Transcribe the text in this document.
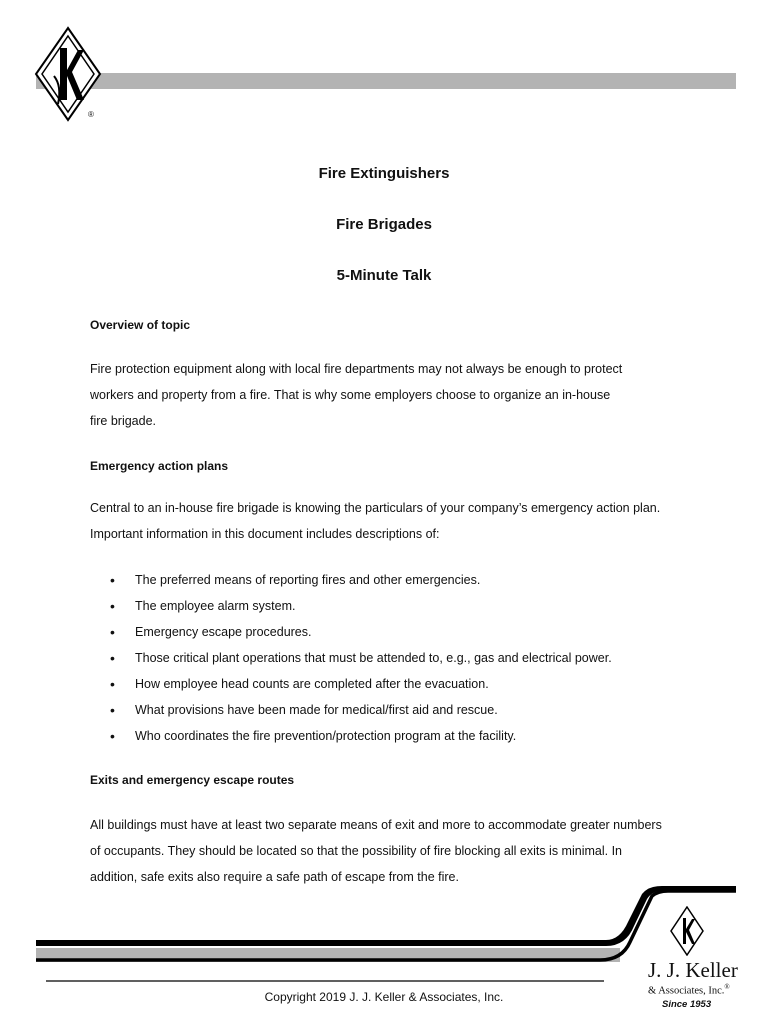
®
Fire Extinguishers
Fire Brigades
5-Minute Talk
Overview of topic

Fire protection equipment along with local fire departments may not always be enough to protect
workers and property from a fire. That is why some employers choose to organize an in-house
fire brigade.

Emergency action plans

Central to an in-house fire brigade is knowing the particulars of your company’s emergency action plan.
Important information in this document includes descriptions of:

• The preferred means of reporting fires and other emergencies.
• The employee alarm system.
• Emergency escape procedures.
• Those critical plant operations that must be attended to, e.g., gas and electrical power.
• How employee head counts are completed after the evacuation.
• What provisions have been made for medical/first aid and rescue.
• Who coordinates the fire prevention/protection program at the facility.
Exits and emergency escape routes

All buildings must have at least two separate means of exit and more to accommodate greater numbers
of occupants. They should be located so that the possibility of fire blocking all exits is minimal. In
addition, safe exits also require a safe path of escape from the fire.

J. J. Keller
& Associates, Inc.®
Since 1953
Copyright 2019 J. J. Keller & Associates, Inc.
